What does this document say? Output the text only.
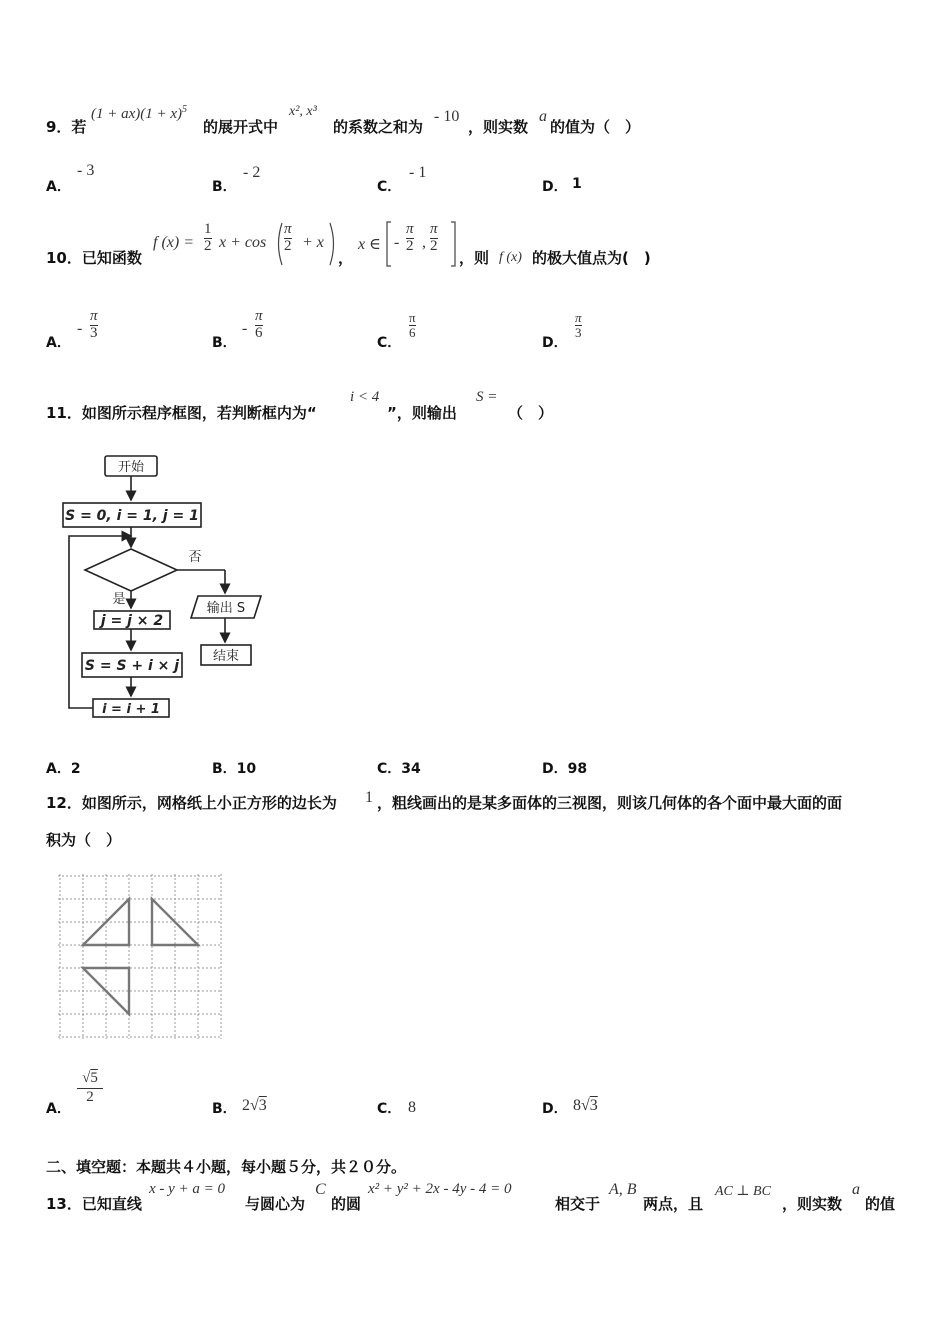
9．若
$(1 + ax)(1 + x)^5$
的展开式中
x², x³
的系数之和为
- 10
，则实数
a
的值为（　）
A．
- 3
B．
- 2
C．
- 1
D． 1
10．已知函数
f (x) =
1
2 x + cos
π
2 + x
，
x ∈ -
π
2 ,
π
2
，则 f (x) 的极大值点为(　)
A．
-
π
3
B．
-
π
6
C．
π
6
D．
π
3
11．如图所示程序框图，若判断框内为“
i < 4
”，则输出
S =
（　）
开始
S = 0, i = 1, j = 1
否
是
输出 S
结束
j = j × 2
S = S + i × j
i = i + 1
A．2	B．10	C．34	D．98
12．如图所示，网格纸上小正方形的边长为 1 ，粗线画出的是某多面体的三视图，则该几何体的各个面中最大面的面
积为（　）
A．
√5
2
B． 2√3	C． 8	D． 8√3
二、填空题：本题共４小题，每小题５分，共２０分。
13．已知直线
x - y + a = 0
与圆心为
C
的圆
x² + y² + 2x - 4y - 4 = 0
相交于
A, B
两点，且
AC ⊥ BC
，则实数
a
的值
